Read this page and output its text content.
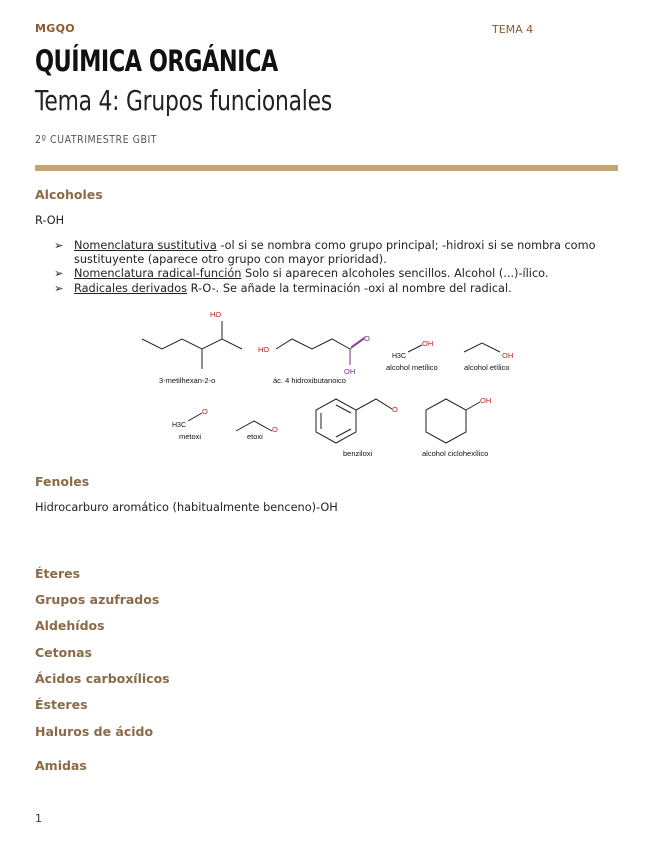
MGQO	TEMA 4
QUÍMICA ORGÁNICA
Tema 4: Grupos funcionales
2º CUATRIMESTRE GBIT
Alcoholes
R-OH
➢ Nomenclatura sustitutiva -ol si se nombra como grupo principal; -hidroxi si se nombra como sustituyente (aparece otro grupo con mayor prioridad).
➢ Nomenclatura radical-función Solo si aparecen alcoholes sencillos. Alcohol (...)-ílico.
➢ Radicales derivados R-O-. Se añade la terminación -oxi al nombre del radical.
HO
3-metilhexan-2-o
HO
O
OH
ác. 4 hidroxibutanoico
H3C
OH
alcohol metílico
OH
alcohol etílico
H3C
O
metoxi
O
etoxi
O
benziloxi
OH
alcohol ciclohexílico
Fenoles
Hidrocarburo aromático (habitualmente benceno)-OH
Éteres
Grupos azufrados
Aldehídos
Cetonas
Ácidos carboxílicos
Ésteres
Haluros de ácido
Amidas
1
